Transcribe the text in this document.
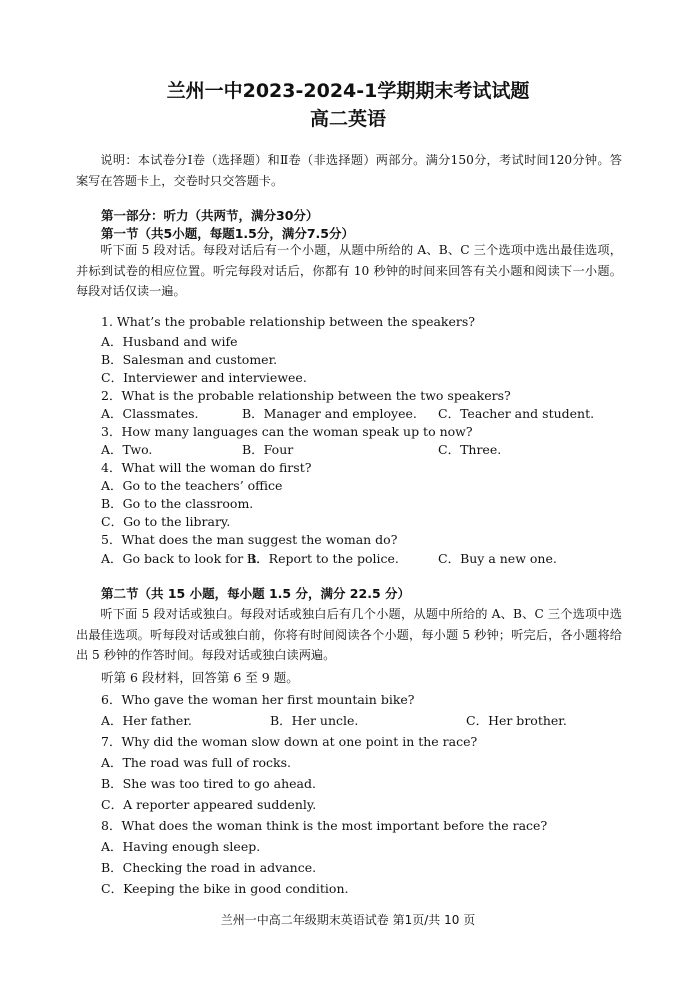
兰州一中2023-2024-1学期期末考试试题
高二英语
说明：本试卷分Ⅰ卷（选择题）和Ⅱ卷（非选择题）两部分。满分150分，考试时间120分钟。答案写在答题卡上，交卷时只交答题卡。
第一部分：听力（共两节，满分30分）
第一节（共5小题，每题1.5分，满分7.5分）
听下面 5 段对话。每段对话后有一个小题，从题中所给的 A、B、C 三个选项中选出最佳选项，并标到试卷的相应位置。听完每段对话后，你都有 10 秒钟的时间来回答有关小题和阅读下一小题。每段对话仅读一遍。
1. What’s the probable relationship between the speakers?
A．Husband and wife
B．Salesman and customer.
C．Interviewer and interviewee.
2．What is the probable relationship between the two speakers?
A．Classmates.	B．Manager and employee. C．Teacher and student.
3．How many languages can the woman speak up to now?
A．Two.	B．Four	C．Three.
4．What will the woman do first?
A．Go to the teachers’ office
B．Go to the classroom.
C．Go to the library.
5．What does the man suggest the woman do?
A．Go back to look for it.
B．Report to the police.	C．Buy a new one.
第二节（共 15 小题，每小题 1.5 分，满分 22.5 分）
听下面 5 段对话或独白。每段对话或独白后有几个小题，从题中所给的 A、B、C 三个选项中选出最佳选项。听每段对话或独白前，你将有时间阅读各个小题，每小题 5 秒钟；听完后，各小题将给出 5 秒钟的作答时间。每段对话或独白读两遍。
听第 6 段材料，回答第 6 至 9 题。
6．Who gave the woman her first mountain bike?
A．Her father.	B．Her uncle.	C．Her brother.
7．Why did the woman slow down at one point in the race?
A．The road was full of rocks.
B．She was too tired to go ahead.
C．A reporter appeared suddenly.
8．What does the woman think is the most important before the race?
A．Having enough sleep.
B．Checking the road in advance.
C．Keeping the bike in good condition.
兰州一中高二年级期末英语试卷 第1页/共 10 页
